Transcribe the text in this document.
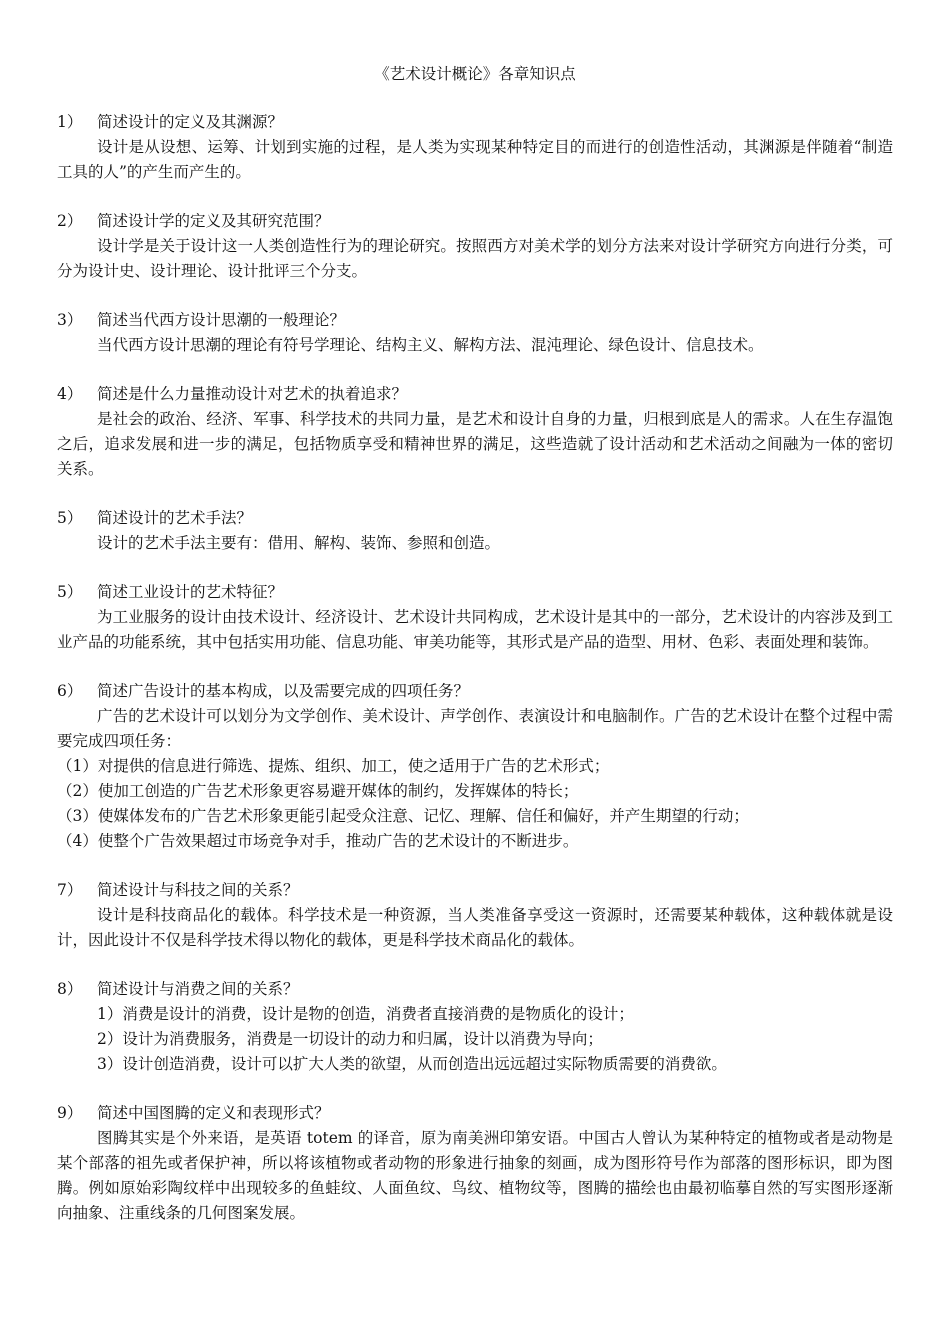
《艺术设计概论》各章知识点
1） 简述设计的定义及其渊源？

设计是从设想、运筹、计划到实施的过程，是人类为实现某种特定目的而进行的创造性活动，其渊源是伴随着“制造工具的人”的产生而产生的。

2） 简述设计学的定义及其研究范围？

设计学是关于设计这一人类创造性行为的理论研究。按照西方对美术学的划分方法来对设计学研究方向进行分类，可分为设计史、设计理论、设计批评三个分支。

3） 简述当代西方设计思潮的一般理论？

当代西方设计思潮的理论有符号学理论、结构主义、解构方法、混沌理论、绿色设计、信息技术。

4） 简述是什么力量推动设计对艺术的执着追求？

是社会的政治、经济、军事、科学技术的共同力量，是艺术和设计自身的力量，归根到底是人的需求。人在生存温饱之后，追求发展和进一步的满足，包括物质享受和精神世界的满足，这些造就了设计活动和艺术活动之间融为一体的密切关系。

5） 简述设计的艺术手法？

设计的艺术手法主要有：借用、解构、装饰、参照和创造。

5） 简述工业设计的艺术特征？

为工业服务的设计由技术设计、经济设计、艺术设计共同构成，艺术设计是其中的一部分，艺术设计的内容涉及到工业产品的功能系统，其中包括实用功能、信息功能、审美功能等，其形式是产品的造型、用材、色彩、表面处理和装饰。

6） 简述广告设计的基本构成，以及需要完成的四项任务？

广告的艺术设计可以划分为文学创作、美术设计、声学创作、表演设计和电脑制作。广告的艺术设计在整个过程中需要完成四项任务：

（1）对提供的信息进行筛选、提炼、组织、加工，使之适用于广告的艺术形式；

（2）使加工创造的广告艺术形象更容易避开媒体的制约，发挥媒体的特长；

（3）使媒体发布的广告艺术形象更能引起受众注意、记忆、理解、信任和偏好，并产生期望的行动；

（4）使整个广告效果超过市场竞争对手，推动广告的艺术设计的不断进步。

7） 简述设计与科技之间的关系？

设计是科技商品化的载体。科学技术是一种资源，当人类准备享受这一资源时，还需要某种载体，这种载体就是设计，因此设计不仅是科学技术得以物化的载体，更是科学技术商品化的载体。

8） 简述设计与消费之间的关系？

1）消费是设计的消费，设计是物的创造，消费者直接消费的是物质化的设计；

2）设计为消费服务，消费是一切设计的动力和归属，设计以消费为导向；

3）设计创造消费，设计可以扩大人类的欲望，从而创造出远远超过实际物质需要的消费欲。

9） 简述中国图腾的定义和表现形式？

图腾其实是个外来语，是英语 totem 的译音，原为南美洲印第安语。中国古人曾认为某种特定的植物或者是动物是某个部落的祖先或者保护神，所以将该植物或者动物的形象进行抽象的刻画，成为图形符号作为部落的图形标识，即为图腾。例如原始彩陶纹样中出现较多的鱼蛙纹、人面鱼纹、鸟纹、植物纹等，图腾的描绘也由最初临摹自然的写实图形逐渐向抽象、注重线条的几何图案发展。
